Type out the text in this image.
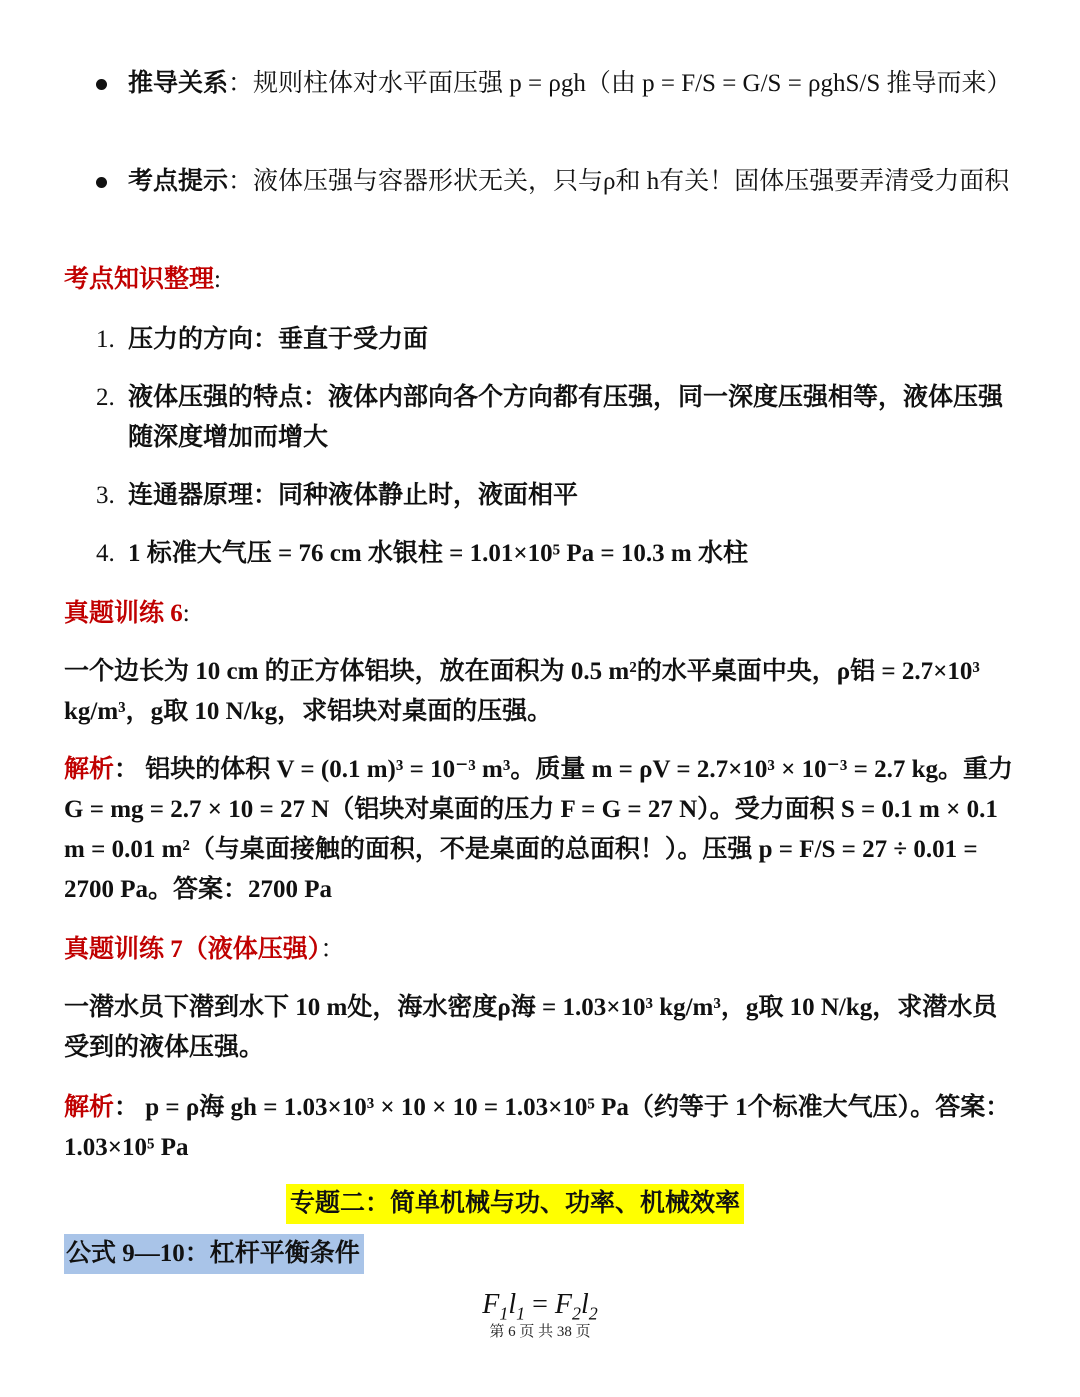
推导关系：规则柱体对水平面压强 p = ρgh（由 p = F/S = G/S = ρghS/S 推导而来）
考点提示：液体压强与容器形状无关，只与ρ和 h有关！固体压强要弄清受力面积
考点知识整理:
1. 压力的方向：垂直于受力面
2. 液体压强的特点：液体内部向各个方向都有压强，同一深度压强相等，液体压强随深度增加而增大
3. 连通器原理：同种液体静止时，液面相平
4. 1 标准大气压 = 76 cm 水银柱 = 1.01×10⁵ Pa = 10.3 m 水柱
真题训练 6:
一个边长为 10 cm 的正方体铝块，放在面积为 0.5 m²的水平桌面中央，ρ铝 = 2.7×10³ kg/m³，g取 10 N/kg，求铝块对桌面的压强。
解析： 铝块的体积 V = (0.1 m)³ = 10⁻³ m³。质量 m = ρV = 2.7×10³ × 10⁻³ = 2.7 kg。重力 G = mg = 2.7 × 10 = 27 N（铝块对桌面的压力 F = G = 27 N）。受力面积 S = 0.1 m × 0.1 m = 0.01 m²（与桌面接触的面积，不是桌面的总面积！）。压强 p = F/S = 27 ÷ 0.01 = 2700 Pa。答案：2700 Pa
真题训练 7（液体压强）：
一潜水员下潜到水下 10 m处，海水密度ρ海 = 1.03×10³ kg/m³，g取 10 N/kg，求潜水员受到的液体压强。
解析： p = ρ海 gh = 1.03×10³ × 10 × 10 = 1.03×10⁵ Pa（约等于 1个标准大气压）。答案：1.03×10⁵ Pa
专题二：简单机械与功、功率、机械效率
公式 9—10：杠杆平衡条件
$F_1l_1 = F_2l_2$
第 6 页 共 38 页
